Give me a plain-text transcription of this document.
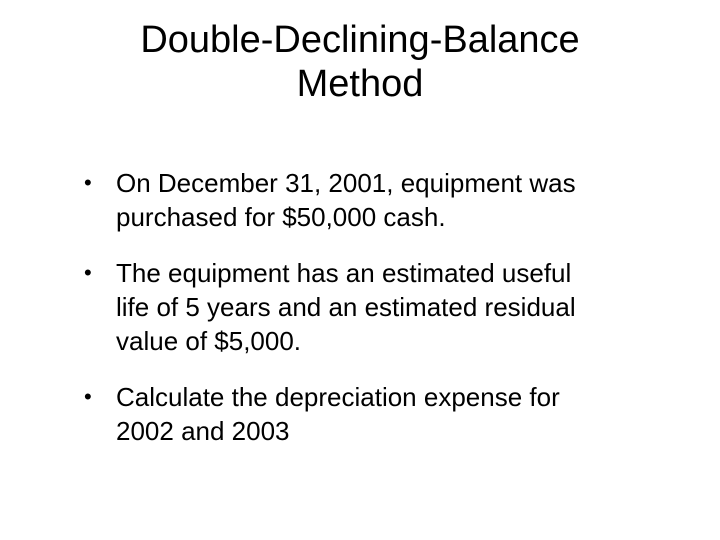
Double-Declining-Balance
Method
• On December 31, 2001, equipment was
purchased for $50,000 cash.
• The equipment has an estimated useful
life of 5 years and an estimated residual
value of $5,000.
• Calculate the depreciation expense for
2002 and 2003
